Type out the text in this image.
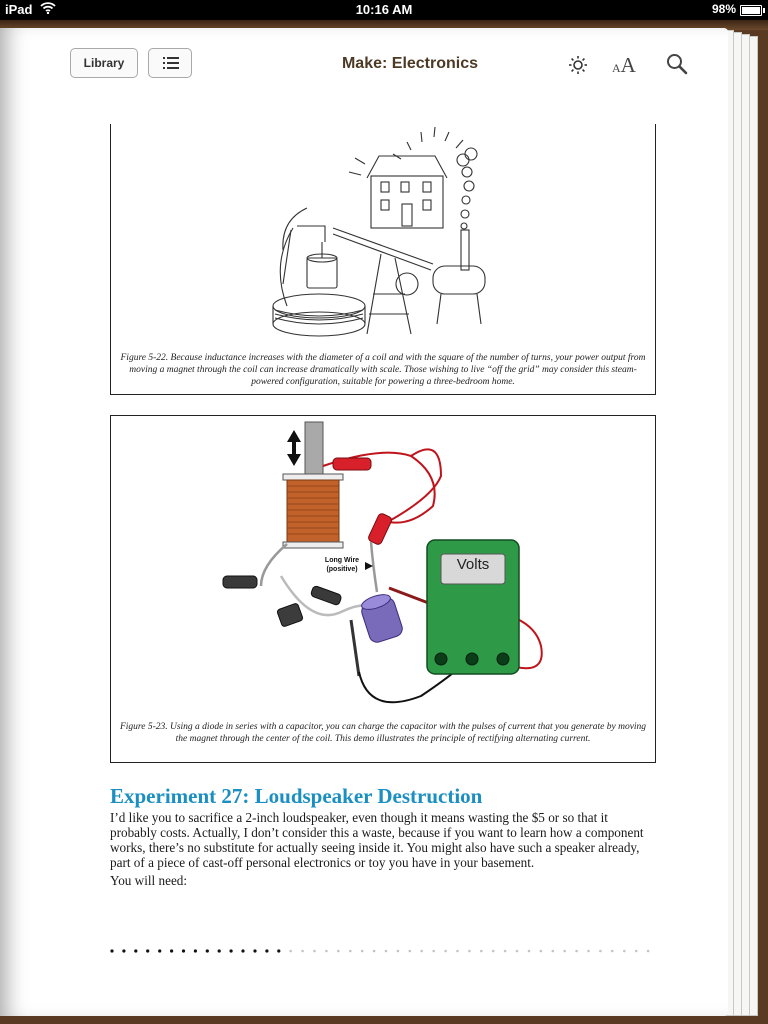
iPad	10:16 AM	98%
Library	Make: Electronics	AA
Figure 5-22. Because inductance increases with the diameter of a coil and with the square of the number of turns, your power output from moving a magnet through the coil can increase dramatically with scale. Those wishing to live “off the grid” may consider this steam-powered configuration, suitable for powering a three-bedroom home.
Volts
Long Wire
(positive)
Figure 5-23. Using a diode in series with a capacitor, you can charge the capacitor with the pulses of current that you generate by moving the magnet through the center of the coil. This demo illustrates the principle of rectifying alternating current.
Experiment 27: Loudspeaker Destruction

I’d like you to sacrifice a 2-inch loudspeaker, even though it means wasting the $5 or so that it probably costs. Actually, I don’t consider this a waste, because if you want to learn how a component works, there’s no substitute for actually seeing inside it. You might also have such a speaker already, part of a piece of cast-off personal electronics or toy you have in your basement.

You will need:
